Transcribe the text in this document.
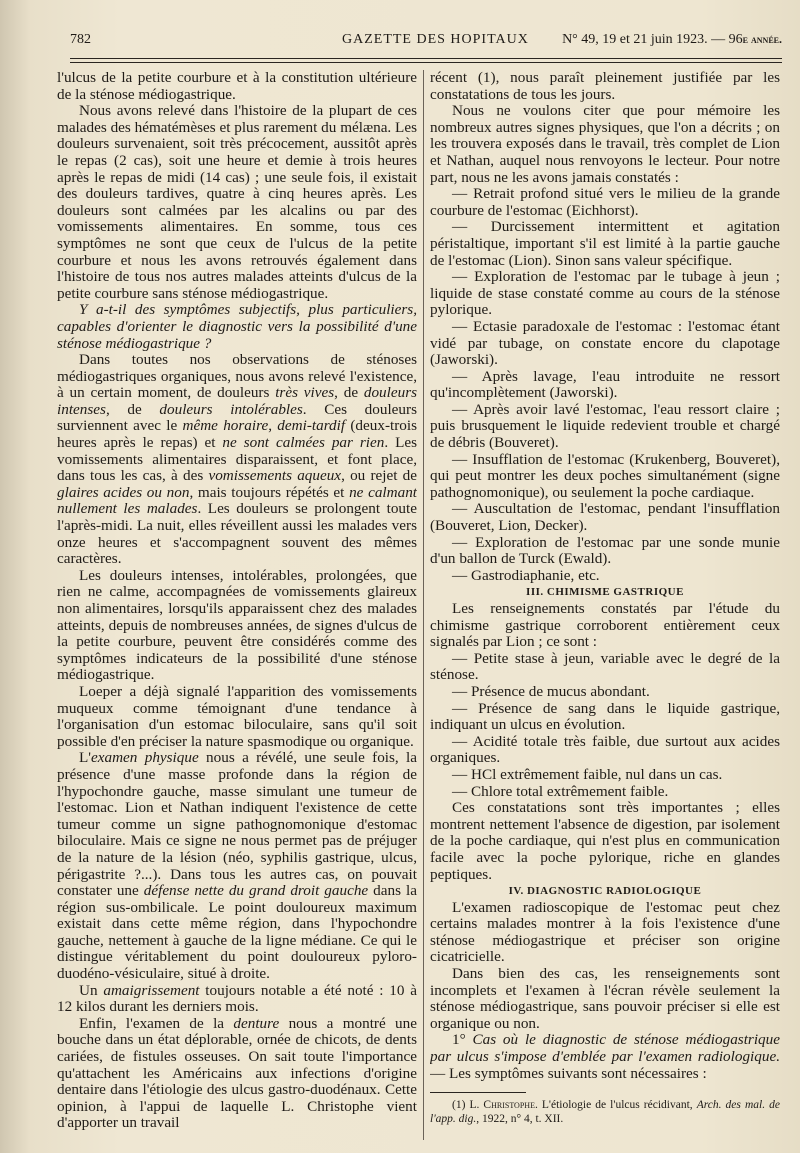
782	GAZETTE DES HOPITAUX N° 49, 19 et 21 juin 1923. — 96e année.

l'ulcus de la petite courbure et à la constitution ultérieure de la sténose médiogastrique.

Nous avons relevé dans l'histoire de la plupart de ces malades des hématémèses et plus rarement du mélæna. Les douleurs survenaient, soit très précocement, aussitôt après le repas (2 cas), soit une heure et demie à trois heures après le repas de midi (14 cas) ; une seule fois, il existait des douleurs tardives, quatre à cinq heures après. Les douleurs sont calmées par les alcalins ou par des vomissements alimentaires. En somme, tous ces symptômes ne sont que ceux de l'ulcus de la petite courbure et nous les avons retrouvés également dans l'histoire de tous nos autres malades atteints d'ulcus de la petite courbure sans sténose médiogastrique.

Y a-t-il des symptômes subjectifs, plus particuliers, capables d'orienter le diagnostic vers la possibilité d'une sténose médiogastrique ?

Dans toutes nos observations de sténoses médiogastriques organiques, nous avons relevé l'existence, à un certain moment, de douleurs très vives, de douleurs intenses, de douleurs intolérables. Ces douleurs surviennent avec le même horaire, demi-tardif (deux-trois heures après le repas) et ne sont calmées par rien. Les vomissements alimentaires disparaissent, et font place, dans tous les cas, à des vomissements aqueux, ou rejet de glaires acides ou non, mais toujours répétés et ne calmant nullement les malades. Les douleurs se prolongent toute l'après-midi. La nuit, elles réveillent aussi les malades vers onze heures et s'accompagnent souvent des mêmes caractères.

Les douleurs intenses, intolérables, prolongées, que rien ne calme, accompagnées de vomissements glaireux non alimentaires, lorsqu'ils apparaissent chez des malades atteints, depuis de nombreuses années, de signes d'ulcus de la petite courbure, peuvent être considérés comme des symptômes indicateurs de la possibilité d'une sténose médiogastrique.

Loeper a déjà signalé l'apparition des vomissements muqueux comme témoignant d'une tendance à l'organisation d'un estomac biloculaire, sans qu'il soit possible d'en préciser la nature spasmodique ou organique.

L'examen physique nous a révélé, une seule fois, la présence d'une masse profonde dans la région de l'hypochondre gauche, masse simulant une tumeur de l'estomac. Lion et Nathan indiquent l'existence de cette tumeur comme un signe pathognomonique d'estomac biloculaire. Mais ce signe ne nous permet pas de préjuger de la nature de la lésion (néo, syphilis gastrique, ulcus, périgastrite ?...). Dans tous les autres cas, on pouvait constater une défense nette du grand droit gauche dans la région sus-ombilicale. Le point douloureux maximum existait dans cette même région, dans l'hypochondre gauche, nettement à gauche de la ligne médiane. Ce qui le distingue véritablement du point douloureux pyloro-duodéno-vésiculaire, situé à droite.

Un amaigrissement toujours notable a été noté : 10 à 12 kilos durant les derniers mois.

Enfin, l'examen de la denture nous a montré une bouche dans un état déplorable, ornée de chicots, de dents cariées, de fistules osseuses. On sait toute l'importance qu'attachent les Américains aux infections d'origine dentaire dans l'étiologie des ulcus gastro-duodénaux. Cette opinion, à l'appui de laquelle L. Christophe vient d'apporter un travail

récent (1), nous paraît pleinement justifiée par les constatations de tous les jours.

Nous ne voulons citer que pour mémoire les nombreux autres signes physiques, que l'on a décrits ; on les trouvera exposés dans le travail, très complet de Lion et Nathan, auquel nous renvoyons le lecteur. Pour notre part, nous ne les avons jamais constatés :

— Retrait profond situé vers le milieu de la grande courbure de l'estomac (Eichhorst).

— Durcissement intermittent et agitation péristaltique, important s'il est limité à la partie gauche de l'estomac (Lion). Sinon sans valeur spécifique.

— Exploration de l'estomac par le tubage à jeun ; liquide de stase constaté comme au cours de la sténose pylorique.

— Ectasie paradoxale de l'estomac : l'estomac étant vidé par tubage, on constate encore du clapotage (Jaworski).

— Après lavage, l'eau introduite ne ressort qu'incomplètement (Jaworski).

— Après avoir lavé l'estomac, l'eau ressort claire ; puis brusquement le liquide redevient trouble et chargé de débris (Bouveret).

— Insufflation de l'estomac (Krukenberg, Bouveret), qui peut montrer les deux poches simultanément (signe pathognomonique), ou seulement la poche cardiaque.

— Auscultation de l'estomac, pendant l'insufflation (Bouveret, Lion, Decker).

— Exploration de l'estomac par une sonde munie d'un ballon de Turck (Ewald).

— Gastrodiaphanie, etc.

III. CHIMISME GASTRIQUE

Les renseignements constatés par l'étude du chimisme gastrique corroborent entièrement ceux signalés par Lion ; ce sont :

— Petite stase à jeun, variable avec le degré de la sténose.

— Présence de mucus abondant.

— Présence de sang dans le liquide gastrique, indiquant un ulcus en évolution.

— Acidité totale très faible, due surtout aux acides organiques.

— HCl extrêmement faible, nul dans un cas.

— Chlore total extrêmement faible.

Ces constatations sont très importantes ; elles montrent nettement l'absence de digestion, par isolement de la poche cardiaque, qui n'est plus en communication facile avec la poche pylorique, riche en glandes peptiques.

IV. DIAGNOSTIC RADIOLOGIQUE

L'examen radioscopique de l'estomac peut chez certains malades montrer à la fois l'existence d'une sténose médiogastrique et préciser son origine cicatricielle.

Dans bien des cas, les renseignements sont incomplets et l'examen à l'écran révèle seulement la sténose médiogastrique, sans pouvoir préciser si elle est organique ou non.

1° Cas où le diagnostic de sténose médiogastrique par ulcus s'impose d'emblée par l'examen radiologique. — Les symptômes suivants sont nécessaires :

(1) L. Christophe. L'étiologie de l'ulcus récidivant, Arch. des mal. de l'app. dig., 1922, n° 4, t. XII.
